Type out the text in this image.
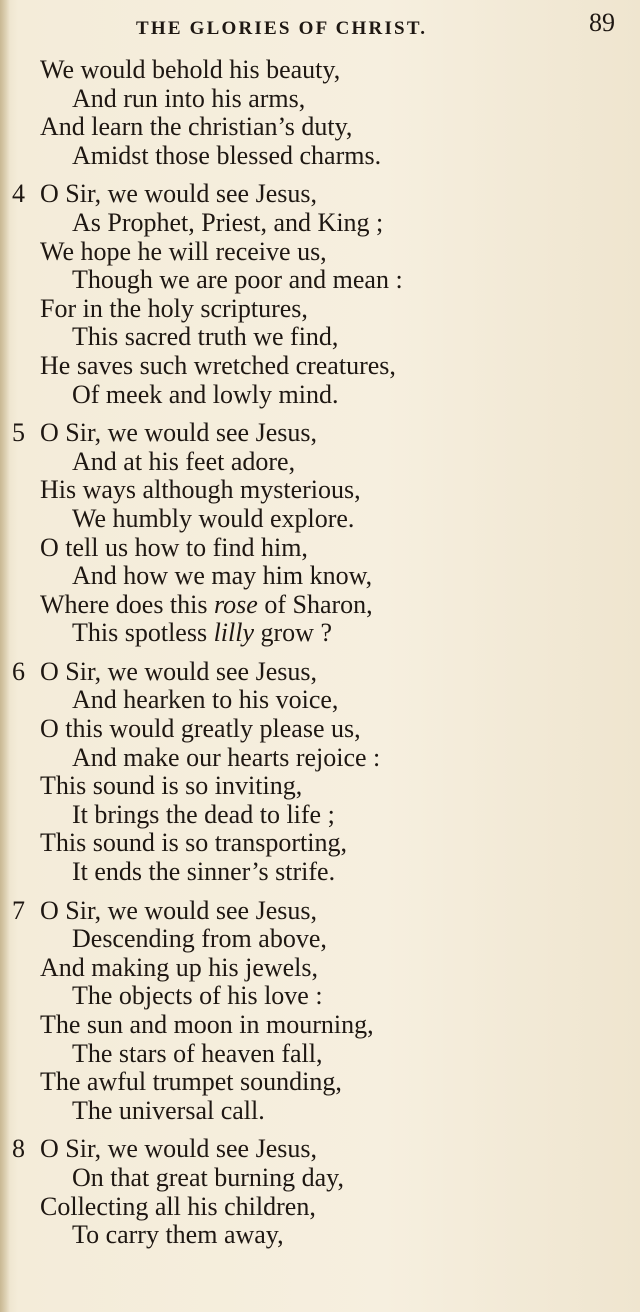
THE GLORIES OF CHRIST.	89
We would behold his beauty,
And run into his arms,
And learn the christian’s duty,
Amidst those blessed charms.
4 O Sir, we would see Jesus,
As Prophet, Priest, and King ;
We hope he will receive us,
Though we are poor and mean :
For in the holy scriptures,
This sacred truth we find,
He saves such wretched creatures,
Of meek and lowly mind.
5 O Sir, we would see Jesus,
And at his feet adore,
His ways although mysterious,
We humbly would explore.
O tell us how to find him,
And how we may him know,
Where does this rose of Sharon,
This spotless lilly grow ?
6 O Sir, we would see Jesus,
And hearken to his voice,
O this would greatly please us,
And make our hearts rejoice :
This sound is so inviting,
It brings the dead to life ;
This sound is so transporting,
It ends the sinner’s strife.
7 O Sir, we would see Jesus,
Descending from above,
And making up his jewels,
The objects of his love :
The sun and moon in mourning,
The stars of heaven fall,
The awful trumpet sounding,
The universal call.
8 O Sir, we would see Jesus,
On that great burning day,
Collecting all his children,
To carry them away,
